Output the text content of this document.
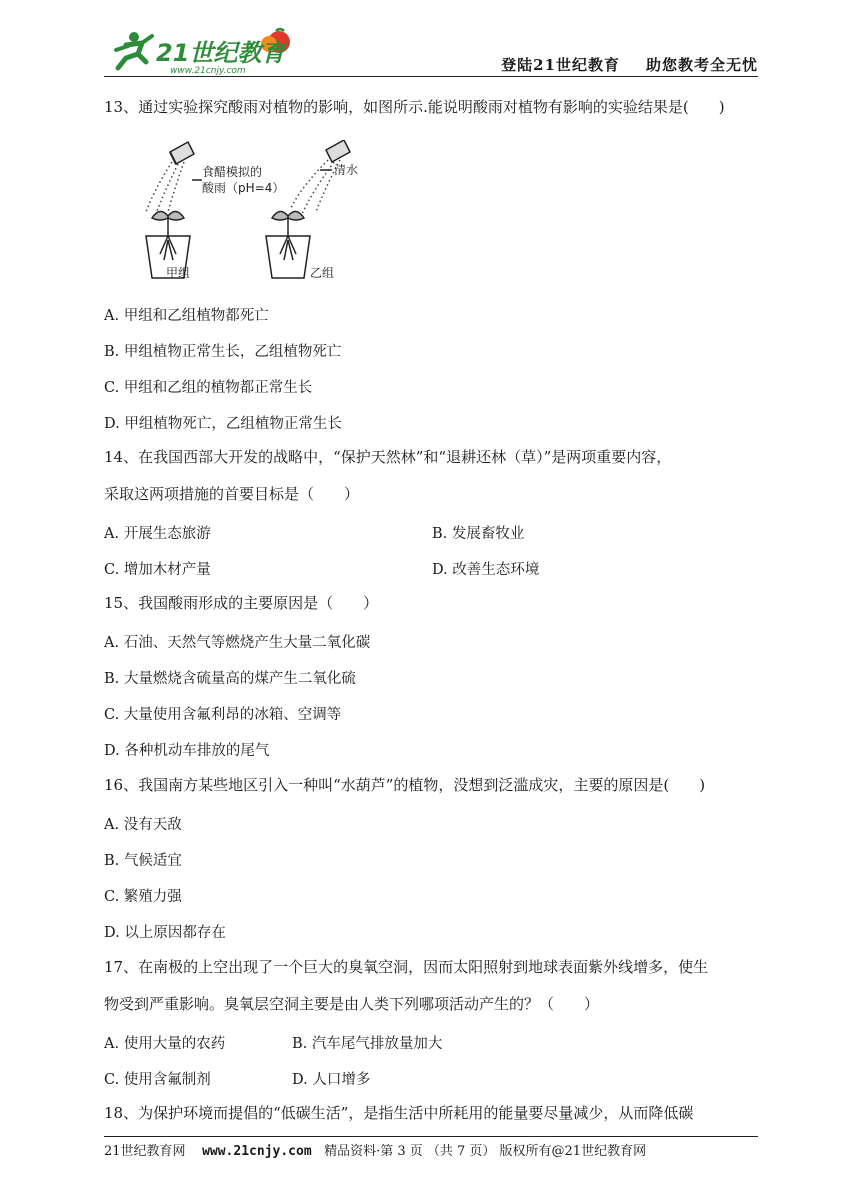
21世纪教育
www.21cnjy.com	登陆21世纪教育 助您教考全无忧
13、通过实验探究酸雨对植物的影响，如图所示.能说明酸雨对植物有影响的实验结果是(　　)
食醋模拟的
酸雨（pH=4）
清水
甲组	乙组
A. 甲组和乙组植物都死亡
B. 甲组植物正常生长，乙组植物死亡
C. 甲组和乙组的植物都正常生长
D. 甲组植物死亡，乙组植物正常生长
14、在我国西部大开发的战略中，“保护天然林”和“退耕还林（草）”是两项重要内容，
采取这两项措施的首要目标是（　　）
A. 开展生态旅游	B. 发展畜牧业
C. 增加木材产量	D. 改善生态环境
15、我国酸雨形成的主要原因是（　　）
A. 石油、天然气等燃烧产生大量二氧化碳
B. 大量燃烧含硫量高的煤产生二氧化硫
C. 大量使用含氟利昂的冰箱、空调等
D. 各种机动车排放的尾气
16、我国南方某些地区引入一种叫“水葫芦”的植物，没想到泛滥成灾，主要的原因是(　　)
A. 没有天敌
B. 气候适宜
C. 繁殖力强
D. 以上原因都存在
17、在南极的上空出现了一个巨大的臭氧空洞，因而太阳照射到地球表面紫外线增多，使生
物受到严重影响。臭氧层空洞主要是由人类下列哪项活动产生的？（　　）
A. 使用大量的农药	B. 汽车尾气排放量加大
C. 使用含氟制剂	D. 人口增多
18、为保护环境而提倡的“低碳生活”，是指生活中所耗用的能量要尽量减少，从而降低碳
21世纪教育网 www.21cnjy.com 精品资料·第 3 页 （共 7 页） 版权所有@21世纪教育网
